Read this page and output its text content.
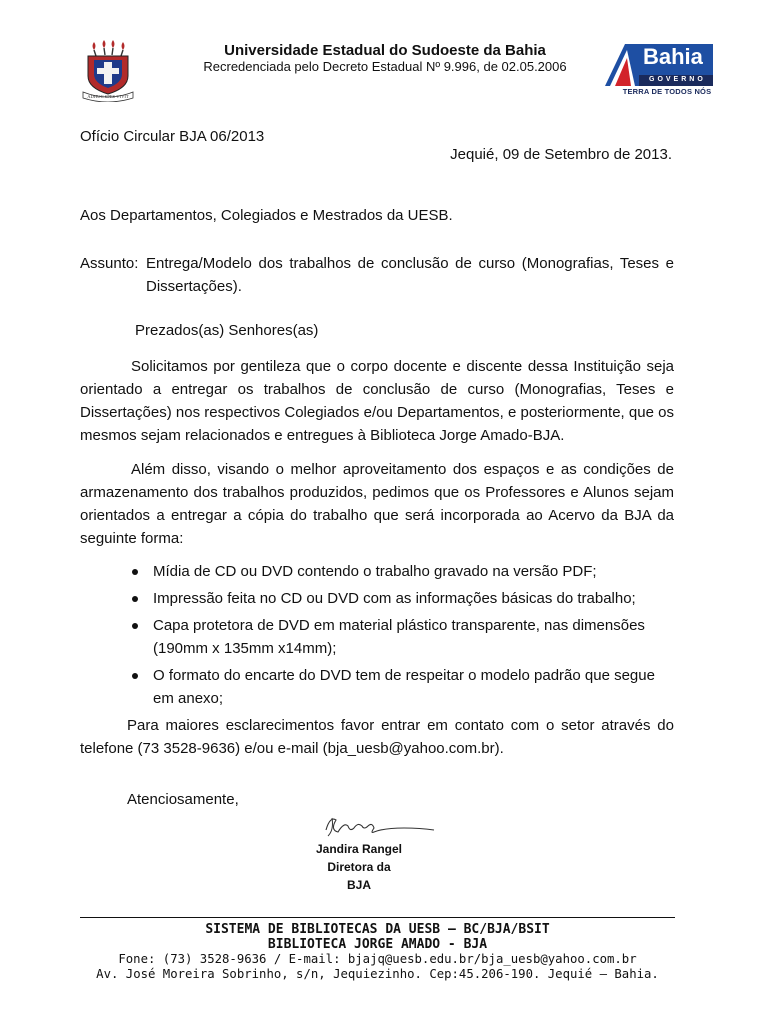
ADHUC SPES VIVIT
Universidade Estadual do Sudoeste da Bahia
Recredenciada pelo Decreto Estadual Nº 9.996, de 02.05.2006	Bahia
GOVERNO
TERRA DE TODOS NÓS
Ofício Circular BJA 06/2013
Jequié, 09 de Setembro de 2013.
Aos Departamentos, Colegiados e Mestrados da UESB.
Assunto: Entrega/Modelo dos trabalhos de conclusão de curso (Monografias, Teses e
Dissertações).
Prezados(as) Senhores(as)
Solicitamos por gentileza que o corpo docente e discente dessa Instituição seja orientado a entregar os trabalhos de conclusão de curso (Monografias, Teses e Dissertações) nos respectivos Colegiados e/ou Departamentos, e posteriormente, que os mesmos sejam relacionados e entregues à Biblioteca Jorge Amado-BJA.
Além disso, visando o melhor aproveitamento dos espaços e as condições de armazenamento dos trabalhos produzidos, pedimos que os Professores e Alunos sejam orientados a entregar a cópia do trabalho que será incorporada ao Acervo da BJA da seguinte forma:
Mídia de CD ou DVD contendo o trabalho gravado na versão PDF;
Impressão feita no CD ou DVD com as informações básicas do trabalho;
Capa protetora de DVD em material plástico transparente, nas dimensões (190mm x 135mm x14mm);
O formato do encarte do DVD tem de respeitar o modelo padrão que segue em anexo;
Para maiores esclarecimentos favor entrar em contato com o setor através do telefone (73 3528-9636) e/ou e-mail (bja_uesb@yahoo.com.br).
Atenciosamente,
Jandira Rangel
Diretora da BJA
SISTEMA DE BIBLIOTECAS DA UESB – BC/BJA/BSIT
BIBLIOTECA JORGE AMADO - BJA
Fone: (73) 3528-9636 / E-mail: bjajq@uesb.edu.br/bja_uesb@yahoo.com.br
Av. José Moreira Sobrinho, s/n, Jequiezinho. Cep:45.206-190. Jequié – Bahia.
